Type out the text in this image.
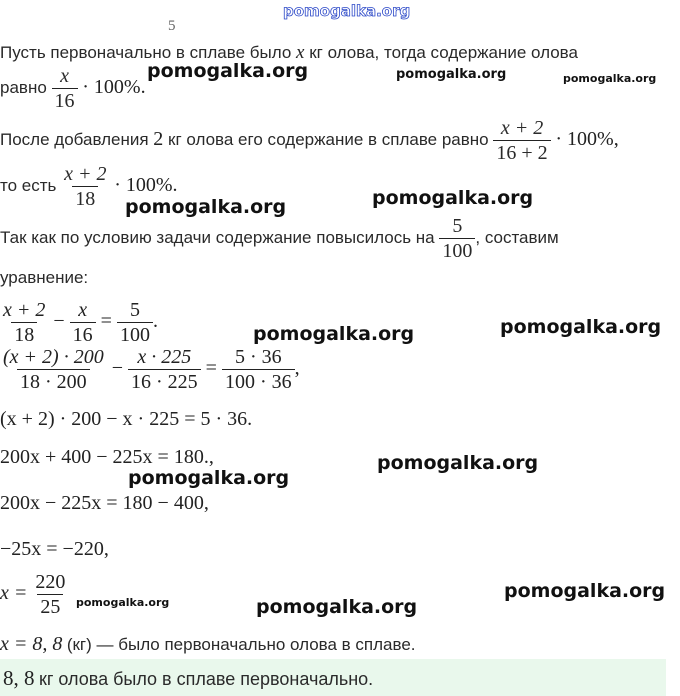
pomogalka.org
5
Пусть первоначально в сплаве было x кг олова, тогда содержание олова
равно $\frac{x}{16} \cdot 100\%$.
После добавления 2 кг олова его содержание в сплаве равно $\frac{x + 2}{16 + 2} \cdot 100\%$,
то есть $\frac{x + 2}{18} \cdot 100\%$.
Так как по условию задачи содержание повысилось на $\frac{5}{100}$ , составим
уравнение:
$\frac{x + 2}{18} - \frac{x}{16} = \frac{5}{100}$ .
$\frac{(x + 2) \cdot 200}{18 \cdot 200} - \frac{x \cdot 225}{16 \cdot 225} = \frac{5 \cdot 36}{100 \cdot 36}$ ,
(x + 2) · 200 − x · 225 = 5 · 36.
200x + 400 − 225x = 180.,
200x − 225x = 180 − 400,
−25x = −220,
$x = \frac{220}{25}$
x = 8, 8 (кг) — было первоначально олова в сплаве.
8, 8 кг олова было в сплаве первоначально.
pomogalka.org	pomogalka.org	pomogalka.org
pomogalka.org
pomogalka.org
pomogalka.org
pomogalka.org
pomogalka.org
pomogalka.org
pomogalka.org
pomogalka.org	pomogalka.org
